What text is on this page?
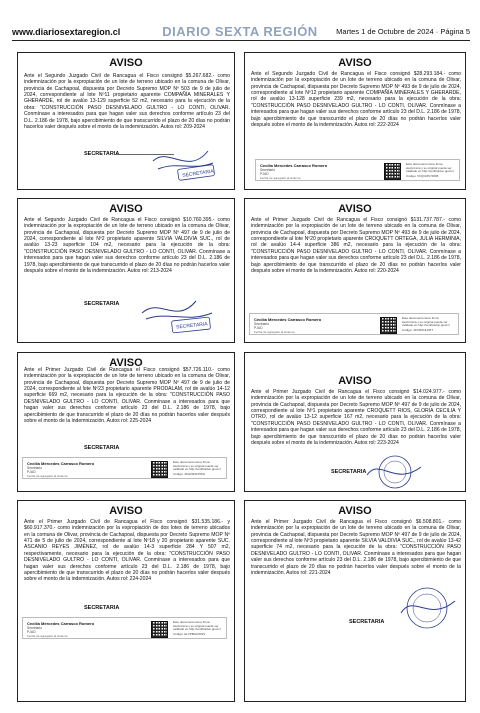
www.diariosextaregion.cl	DIARIO SEXTA REGIÓN	Martes 1 de Octubre de 2024 · Página 5
AVISO
Ante el Segundo Juzgado Civil de Rancagua el Fisco consignó $5.267.682.- como indemnización por la expropiación de un lote de terreno ubicado en la comuna de Olivar, provincia de Cachapoal, dispuesta por Decreto Supremo MOP Nº 503 de 9 de julio de 2024, correspondiente al lote Nº11 propietario aparente COMPAÑÍA MINERALES Y GHERARDE, rol de avalúo 13-129 superficie 52 m2, necesario para la ejecución de la obra: "CONSTRUCCIÓN PASO DESNIVELADO GULTRO - LO CONTI, OLIVAR. Conmínase a interesados para que hagan valer sus derechos conforme artículo 23 del D.L. 2.186 de 1978, bajo apercibimiento de que transcurrido el plazo de 20 días no podrán hacerlos valer después sobre el monto de la indemnización. Autos rol: 209-2024
SECRETARIA
SECRETARIA
AVISO
Ante el Segundo Juzgado Civil de Rancagua el Fisco consignó $28.293.184.- como indemnización por la expropiación de un lote de terreno ubicado en la comuna de Olivar, provincia de Cachapoal, dispuesta por Decreto Supremo MOP Nº 493 de 9 de julio de 2024, correspondiente al lote Nº12 propietario aparente COMPAÑÍA MINERALES Y GHERARDE, rol de avalúo 13-128 superficie 239 m2, necesario para la ejecución de la obra: "CONSTRUCCIÓN PASO DESNIVELADO GULTRO - LO CONTI, OLIVAR. Conmínase a interesados para que hagan valer sus derechos conforme artículo 23 del D.L. 2.186 de 1978, bajo apercibimiento de que transcurrido el plazo de 20 días no podrán hacerlos valer después sobre el monto de la indemnización. Autos rol: 222-2024
Cecilia Mercedes Carrasco Romero
Secretario
PJUD
Fecha de agregado al sistema
Este documento tiene firma electrónica y su original puede ser validado en http://verificadoc.pjud.cl
Código: VFQCMSYDNB
AVISO
Ante el Segundo Juzgado Civil de Rancagua el Fisco consignó $10.760.395.- como indemnización por la expropiación de un lote de terreno ubicado en la comuna de Olivar, provincia de Cachapoal, dispuesta por Decreto Supremo MOP Nº 497 de 9 de julio de 2024, correspondiente al lote Nº2 propietario aparente SILVIA VALDIVIA SUC., rol de avalúo 13-23 superficie 104 m2, necesario para la ejecución de la obra: "CONSTRUCCIÓN PASO DESNIVELADO GULTRO - LO CONTI, OLIVAR. Conmínase a interesados para que hagan valer sus derechos conforme artículo 23 del D.L. 2.186 de 1978, bajo apercibimiento de que transcurrido el plazo de 20 días no podrán hacerlos valer después sobre el monto de la indemnización. Autos rol: 213-2024
SECRETARIA
SECRETARIA
AVISO
Ante el Primer Juzgado Civil de Rancagua el Fisco consignó $131.737.787.- como indemnización por la expropiación de un lote de terreno ubicado en la comuna de Olivar, provincia de Cachapoal, dispuesta por Decreto Supremo MOP Nº 493 de 9 de julio de 2024, correspondiente al lote Nº20 propietario aparente CROQUETT ORTEGA, JULIA HERMINIA, rol de avalúo 14-4 superficie 386 m2, necesario para la ejecución de la obra: "CONSTRUCCIÓN PASO DESNIVELADO GULTRO - LO CONTI, OLIVAR. Conmínase a interesados para que hagan valer sus derechos conforme artículo 23 del D.L. 2.186 de 1978, bajo apercibimiento de que transcurrido el plazo de 20 días no podrán hacerlos valer después sobre el monto de la indemnización. Autos rol: 220-2024
Cecilia Mercedes Carrasco Romero
Secretario
PJUD
Fecha de agregado al sistema
Este documento tiene firma electrónica y su original puede ser validado en http://verificadoc.pjud.cl
Código: JDVMXNLPRT
AVISO
Ante el Primer Juzgado Civil de Rancagua el Fisco consignó $57.726.110.- como indemnización por la expropiación de un lote de terreno ubicado en la comuna de Olivar, provincia de Cachapoal, dispuesta por Decreto Supremo MOP Nº 497 de 9 de julio de 2024, correspondiente al lote Nº23 propietario aparente PRODALAM, rol de avalúo 14-12 superficie 669 m2, necesario para la ejecución de la obra: "CONSTRUCCIÓN PASO DESNIVELADO GULTRO - LO CONTI, OLIVAR. Conmínase a interesados para que hagan valer sus derechos conforme artículo 23 del D.L. 2.186 de 1978, bajo apercibimiento de que transcurrido el plazo de 20 días no podrán hacerlos valer después sobre el monto de la indemnización. Autos rol: 225-2024
SECRETARIA
Cecilia Mercedes Carrasco Romero
Secretario
PJUD
Fecha de agregado al sistema
Este documento tiene firma electrónica y su original puede ser validado en http://verificadoc.pjud.cl
Código: JDHXRSFPWG
AVISO
Ante el Primer Juzgado Civil de Rancagua el Fisco consignó $14.024.977.- como indemnización por la expropiación de un lote de terreno ubicado en la comuna de Olivar, provincia de Cachapoal, dispuesta por Decreto Supremo MOP Nº 497 de 9 de julio de 2024, correspondiente al lote Nº1 propietario aparente CROQUETT RIOS, GLORIA CECILIA Y OTRO, rol de avalúo 13-12 superficie 167 m2, necesario para la ejecución de la obra: "CONSTRUCCIÓN PASO DESNIVELADO GULTRO - LO CONTI, OLIVAR. Conmínase a interesados para que hagan valer sus derechos conforme artículo 23 del D.L. 2.186 de 1978, bajo apercibimiento de que transcurrido el plazo de 20 días no podrán hacerlos valer después sobre el monto de la indemnización. Autos rol: 223-2024
SECRETARIA
AVISO
Ante el Primer Juzgado Civil de Rancagua el Fisco consignó $31.535.186.- y $60.917.370.- como indemnización por la expropiación de dos lotes de terreno ubicados en la comuna de Olivar, provincia de Cachapoal, dispuesta por Decreto Supremo MOP Nº 471 de 5 de julio de 2024, correspondiente al lote Nº18 y 20 propietario aparente SUC. ASCANIO REYES JIMÉNEZ, rol de avalúo 14-3 superficie 284 Y 507 m2, respectivamente, necesario para la ejecución de la obra: "CONSTRUCCIÓN PASO DESNIVELADO GULTRO - LO CONTI, OLIVAR. Conmínase a interesados para que hagan valer sus derechos conforme artículo 23 del D.L. 2.186 de 1978, bajo apercibimiento de que transcurrido el plazo de 20 días no podrán hacerlos valer después sobre el monto de la indemnización. Autos rol: 224-2024
SECRETARIA
Cecilia Mercedes Carrasco Romero
Secretario
PJUD
Fecha de agregado al sistema
Este documento tiene firma electrónica y su original puede ser validado en http://verificadoc.pjud.cl
Código: HLVPBGKWNS
AVISO
Ante el Primer Juzgado Civil de Rancagua el Fisco consignó $6.508.801.- como indemnización por la expropiación de un lote de terreno ubicado en la comuna de Olivar, provincia de Cachapoal, dispuesta por Decreto Supremo MOP Nº 497 de 9 de julio de 2024, correspondiente al lote Nº3 propietario aparente SILVIA VALDIVIA SUC., rol de avalúo 13-42 superficie 74 m2, necesario para la ejecución de la obra: "CONSTRUCCIÓN PASO DESNIVELADO GULTRO - LO CONTI, OLIVAR. Conmínase a interesados para que hagan valer sus derechos conforme artículo 23 del D.L. 2.186 de 1978, bajo apercibimiento de que transcurrido el plazo de 20 días no podrán hacerlos valer después sobre el monto de la indemnización. Autos rol: 221-2024
SECRETARIA
